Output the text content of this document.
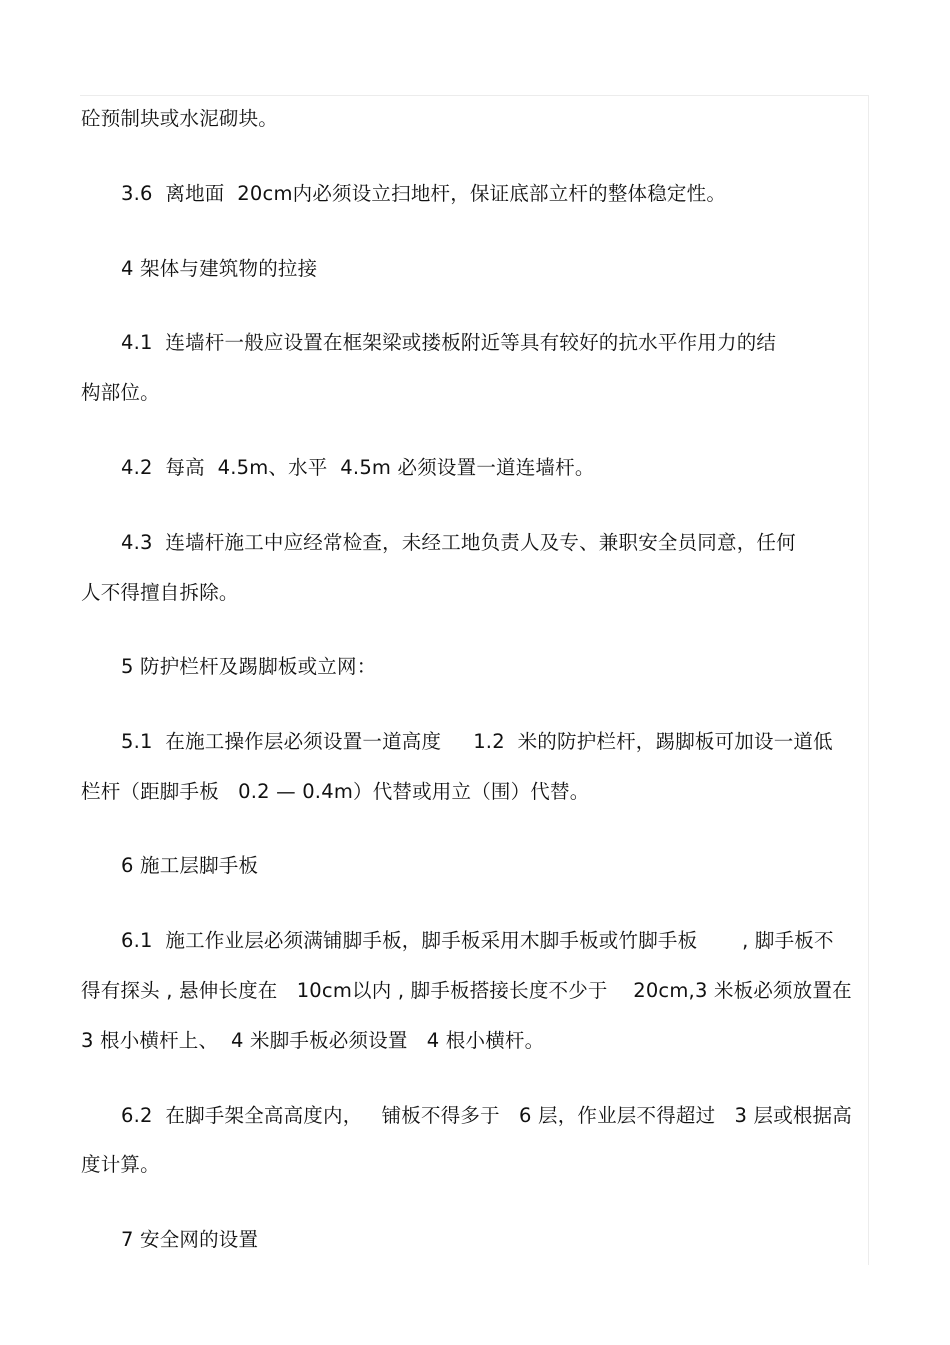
砼预制块或水泥砌块。
3.6  离地面  20cm内必须设立扫地杆，保证底部立杆的整体稳定性。
4 架体与建筑物的拉接
4.1  连墙杆一般应设置在框架梁或搂板附近等具有较好的抗水平作用力的结
构部位。
4.2  每高  4.5m、水平  4.5m 必须设置一道连墙杆。
4.3  连墙杆施工中应经常检查，未经工地负责人及专、兼职安全员同意，任何
人不得擅自拆除。
5 防护栏杆及踢脚板或立网：
5.1  在施工操作层必须设置一道高度     1.2  米的防护栏杆，踢脚板可加设一道低
栏杆（距脚手板   0.2 — 0.4m）代替或用立（围）代替。
6 施工层脚手板
6.1  施工作业层必须满铺脚手板，脚手板采用木脚手板或竹脚手板       , 脚手板不
得有探头 , 悬伸长度在   10cm以内 , 脚手板搭接长度不少于    20cm,3 米板必须放置在
3 根小横杆上、  4 米脚手板必须设置   4 根小横杆。
6.2  在脚手架全高高度内，   铺板不得多于   6 层，作业层不得超过   3 层或根据高
度计算。
7 安全网的设置
